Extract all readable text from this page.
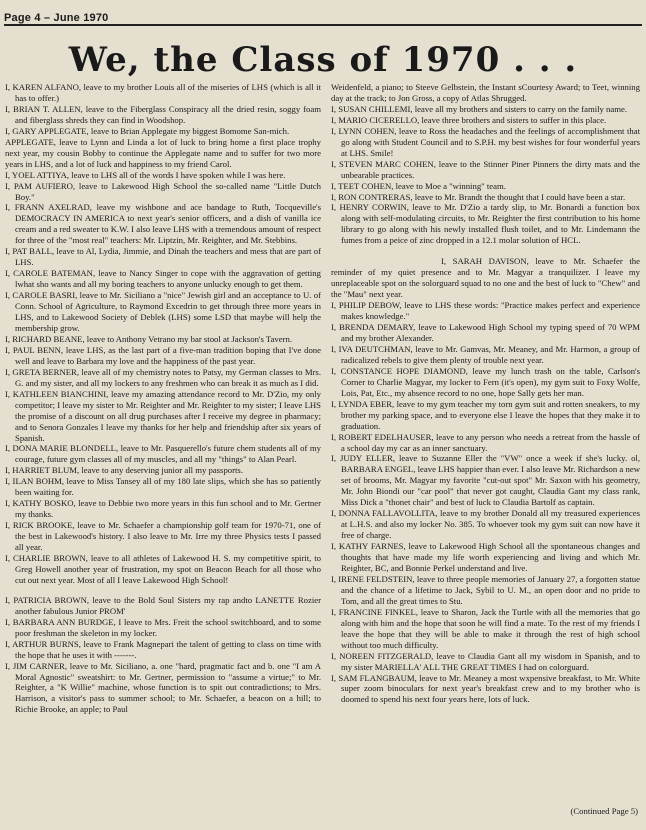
Page 4 – June 1970
We, the Class of 1970 . . .

I, KAREN ALFANO, leave to my brother Louis all of the miseries of LHS (which is all it has to offer.)

I, BRIAN T. ALLEN, leave to the Fiberglass Conspiracy all the dried resin, soggy foam and fiberglass shreds they can find in Woodshop.

I, GARY APPLEGATE, leave to Brian Applegate my biggest Bomome San-mich.

APPLEGATE, leave to Lynn and Linda a lot of luck to bring home a first place trophy next year, my cousin Bobby to continue the Applegate name and to suffer for two more years in LHS, and a lot of luck and happiness to my friend Carol.

I, YOEL ATTIYA, leave to LHS all of the words I have spoken while I was here.

I, PAM AUFIERO, leave to Lakewood High School the so-called name "Little Dutch Boy."

I, FRANN AXELRAD, leave my wishbone and ace bandage to Ruth, Tocqueville's DEMOCRACY IN AMERICA to next year's senior officers, and a dish of vanilla ice cream and a red sweater to K.W. I also leave LHS with a tremendous amount of respect for three of the "most real" teachers: Mr. Liptzin, Mr. Reighter, and Mr. Stebbins.

I, PAT BALL, leave to Al, Lydia, Jimmie, and Dinah the teachers and mess that are part of LHS.

I, CAROLE BATEMAN, leave to Nancy Singer to cope with the aggravation of getting lwhat sho wants and all my boring teachers to anyone unlucky enough to get them.

I, CAROLE BASRI, leave to Mr. Siciliano a "nice" Jewish girl and an acceptance to U. of Conn. School of Agriculture, to Raymond Excedrin to get through three more years in LHS, and to Lakewood Society of Deblek (LHS) some LSD that maybe will help the membership grow.

I, RICHARD BEANE, leave to Anthony Vetrano my bar stool at Jackson's Tavern.

I, PAUL BENN, leave LHS, as the last part of a five-man tradition boping that I've done well and leave to Barbara my love and the happiness of the past year.

I, GRETA BERNER, leave all of my chemistry notes to Patsy, my German classes to Mrs. G. and my sister, and all my lockers to any freshmen who can break it as much as I did.

I, KATHLEEN BIANCHINI, leave my amazing attendance record to Mr. D'Zio, my only competitor; I leave my sister to Mr. Reighter and Mr. Reighter to my sister; I leave LHS the promise of a discount on all drug purchases after I receive my degree in pharmacy; and to Senora Gonzales I leave my thanks for her help and friendship after six years of Spanish.

I, DONA MARIE BLONDELL, leave to Mr. Pasquerello's future chem students all of my courage, future gym classes all of my muscles, and all my "things" to Alan Pearl.

I, HARRIET BLUM, leave to any deserving junior all my passports.

I, ILAN BOHM, leave to Miss Tansey all of my 180 late slips, which she has so patiently been waiting for.

I, KATHY BOSKO, leave to Debbie two more years in this fun school and to Mr. Gertner my thanks.

I, RICK BROOKE, leave to Mr. Schaefer a championship golf team for 1970-71, one of the best in Lakewood's history. I also leave to Mr. Irre my three Physics tests I passed all year.

I, CHARLIE BROWN, leave to all athletes of Lakewood H. S. my competitive spirit, to Greg Howell another year of frustration, my spot on Beacon Beach for all those who cut out next year. Most of all I leave Lakewood High School!

I, PATRICIA BROWN, leave to the Bold Soul Sisters my rap andto LANETTE Rozier another fabulous Junior PROM'

I, BARBARA ANN BURDGE, I leave to Mrs. Freit the school switchboard, and to some poor freshman the skeleton in my locker.

I, ARTHUR BURNS, leave to Frank Magnepari the talent of getting to class on time with the hope that he uses it with -------.

I, JIM CARNER, leave to Mr. Siciliano, a. one "hard, pragmatic fact and b. one "I am A Moral Agnostic" sweatshirt: to Mr. Gertner, permission to "assume a virtue;" to Mr. Reighter, a "K Willie" machine, whose function is to spit out contradictions; to Mrs. Harrison, a visitor's pass to summer school; to Mr. Schaefer, a beacon on a hill; to Richie Brooke, an apple; to Paul

Weidenfeld, a piano; to Steeve Gelbstein, the Instant sCourtesy Award; to Teet, winning day at the track; to Jon Gross, a copy of Atlas Shrugged.

I, SUSAN CHILLEMI, leave all my brothers and sisters to carry on the family name.

I, MARIO CICERELLO, leave three brothers and sisters to suffer in this place.

I, LYNN COHEN, leave to Ross the headaches and the feelings of accomplishment that go along with Student Council and to S.P.H. my best wishes for four wonderful years at LHS. Smile!

I, STEVEN MARC COHEN, leave to the Stinner Piner Pinners the dirty mats and the unbearable practices.

I, TEET COHEN, leave to Moe a "winning" team.

I, RON CONTRERAS, leave to Mr. Brandt the thought that I could have been a star.

I, HENRY CORWIN, leave to Mr. D'Zio a tardy slip, to Mr. Bonardi a function box along with self-modulating circuits, to Mr. Reighter the first contribution to his home library to go along with his newly installed flush toilet, and to Mr. Lindemann the fumes from a peice of zinc dropped in a 12.1 molar solution of HCL.

I, SARAH DAVISON, leave to Mr. Schaefer the reminder of my quiet presence and to Mr. Magyar a tranquilizer. I leave my unreplaceable spot on the solorguard squad to no one and the best of luck to "Chew" and the "Mau" next year.

I, PHILIP DEBOW, leave to LHS these words: "Practice makes perfect and experience makes knowledge."

I, BRENDA DEMARY, leave to Lakewood High School my typing speed of 70 WPM and my brother Alexander.

I, IVA DEUTCHMAN, leave to Mr. Gamvas, Mr. Meaney, and Mr. Harmon, a group of radicalized rebels to give them plenty of trouble next year.

I, CONSTANCE HOPE DIAMOND, leave my lunch trash on the table, Carlson's Corner to Charlie Magyar, my locker to Fern (it's open), my gym suit to Foxy Wolfe, Lois, Pat, Etc., my absence record to no one, hope Sally gets her man.

I, LYNDA EBER, leave to my gym teacher my torn gym suit and rotten sneakers, to my brother my parking space, and to everyone else I leave the hopes that they make it to graduation.

I, ROBERT EDELHAUSER, leave to any person who needs a retreat from the hassle of a school day my car as an inner sanctuary.

I, JUDY ELLER, leave to Suzanne Eller the "VW" once a week if she's lucky. ol, BARBARA ENGEL, leave LHS happier than ever. I also leave Mr. Richardson a new set of brooms, Mr. Magyar my favorite "cut-out spot" Mr. Saxon with his geometry, Mr. John Biondi our "car pool" that never got caught, Claudia Gant my class rank, Miss Dick a "thonet chair" and best of luck to Claudia Bartolf as captain.

I, DONNA FALLAVOLLITA, leave to my brother Donald all my treasured experiences at L.H.S. and also my locker No. 385. To whoever took my gym suit can now have it free of charge.

I, KATHY FARNES, leave to Lakewood High School all the spontaneous changes and thoughts that have made my life worth experiencing and living and which Mr. Reighter, BC, and Bonnie Perkel understand and live.

I, IRENE FELDSTEIN, leave to three people memories of January 27, a forgotten statue and the chance of a lifetime to Jack, Sybil to U. M., an open door and no pride to Tom, and all the great times to Stu.

I, FRANCINE FINKEL, leave to Sharon, Jack the Turtle with all the memories that go along with him and the hope that soon he will find a mate. To the rest of my friends I leave the hope that they will be able to make it through the rest of high school without too much difficulty.

I, NOREEN FITZGERALD, leave to Claudia Gant all my wisdom in Spanish, and to my sister MARIELLA' ALL THE GREAT TIMES I had on colorguard.

I, SAM FLANGBAUM, leave to Mr. Meaney a most wxpensive breakfast, to Mr. White super zoom binoculars for next year's breakfast crew and to my brother who is doomed to spend his next four years here, lots of luck.

(Continued Page 5)
